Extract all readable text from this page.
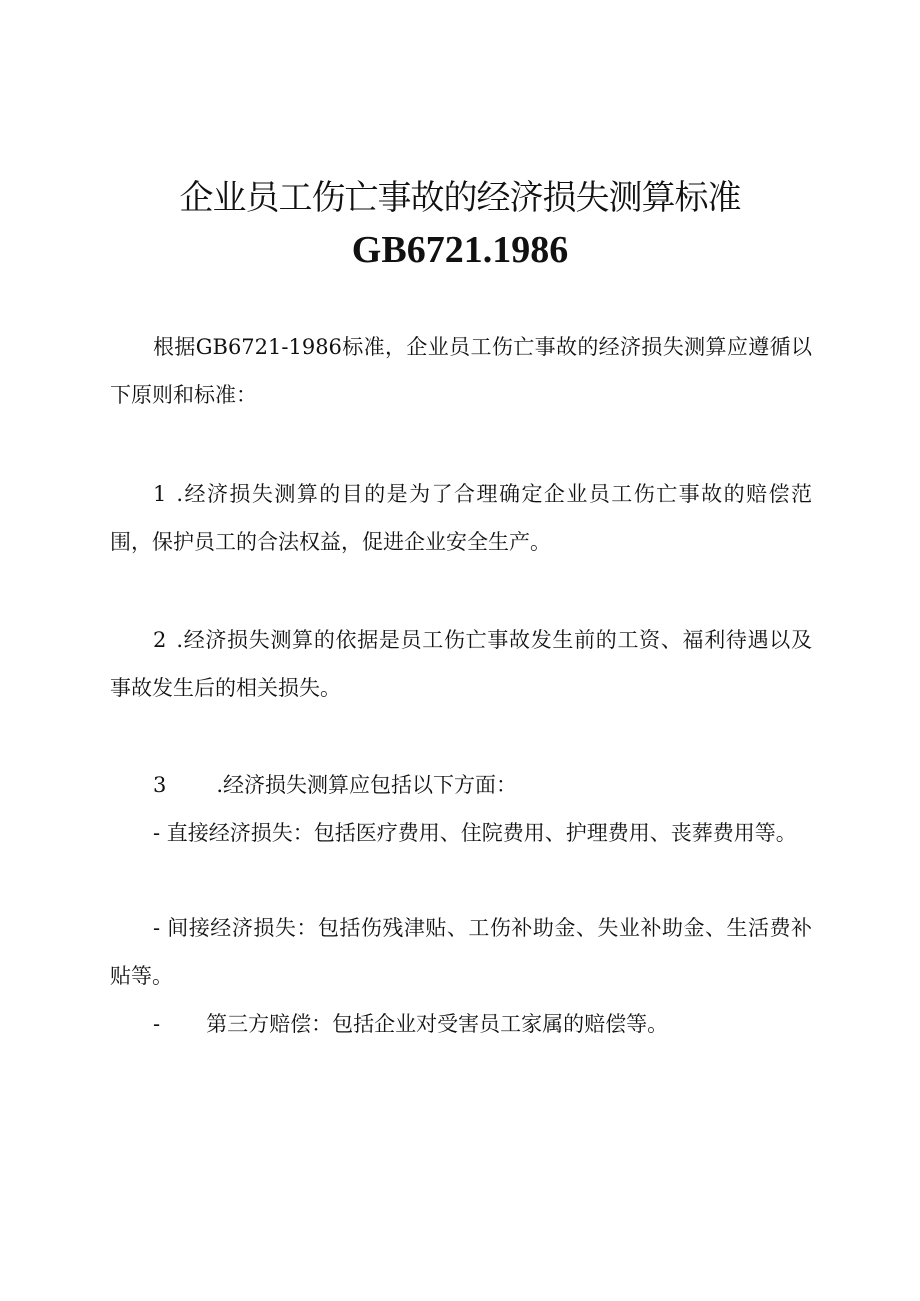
企业员工伤亡事故的经济损失测算标准
GB6721.1986

根据GB6721-1986标准，企业员工伤亡事故的经济损失测算应遵循以下原则和标准：

1 .经济损失测算的目的是为了合理确定企业员工伤亡事故的赔偿范围，保护员工的合法权益，促进企业安全生产。

2 .经济损失测算的依据是员工伤亡事故发生前的工资、福利待遇以及事故发生后的相关损失。

3 .经济损失测算应包括以下方面：

- 直接经济损失：包括医疗费用、住院费用、护理费用、丧葬费用等。

- 间接经济损失：包括伤残津贴、工伤补助金、失业补助金、生活费补贴等。

- 第三方赔偿：包括企业对受害员工家属的赔偿等。
